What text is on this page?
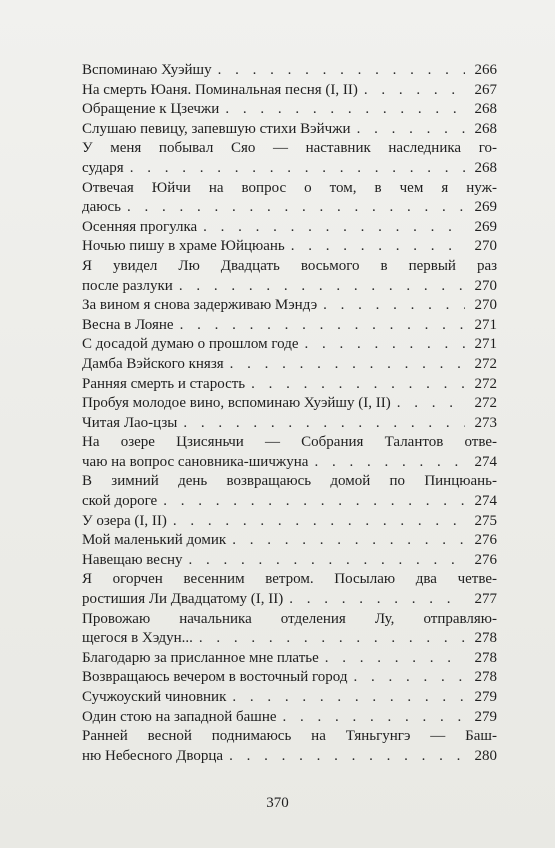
Вспоминаю Хуэйшу . . .	266
На смерть Юаня. Поминальная песня (I, II) . . .	267
Обращение к Цзечжи . . .	268
Слушаю певицу, запевшую стихи Вэйчжи . . .	268
У меня побывал Сяо — наставник наследника го-
сударя . . .	268
Отвечая Юйчи на вопрос о том, в чем я нуж-
даюсь . . .	269
Осенняя прогулка . . .	269
Ночью пишу в храме Юйцюань . . .	270
Я увидел Лю Двадцать восьмого в первый раз
после разлуки . . .	270
За вином я снова задерживаю Мэндэ . . .	270
Весна в Лояне . . .	271
С досадой думаю о прошлом годе . . .	271
Дамба Вэйского князя . . .	272
Ранняя смерть и старость . . .	272
Пробуя молодое вино, вспоминаю Хуэйшу (I, II) . . .	272
Читая Лао-цзы . . .	273
На озере Цзисяньчи — Собрания Талантов отве-
чаю на вопрос сановника-шичжуна . . .	274
В зимний день возвращаюсь домой по Пинцюань-
ской дороге . . .	274
У озера (I, II) . . .	275
Мой маленький домик . . .	276
Навещаю весну . . .	276
Я огорчен весенним ветром. Посылаю два четве-
ростишия Ли Двадцатому (I, II) . . .	277
Провожаю начальника отделения Лу, отправляю-
щегося в Хэдун... . . .	278
Благодарю за присланное мне платье . . .	278
Возвращаюсь вечером в восточный город . . .	278
Сучжоуский чиновник . . .	279
Один стою на западной башне . . .	279
Ранней весной поднимаюсь на Тяньгунгэ — Баш-
ню Небесного Дворца . . .	280
370
